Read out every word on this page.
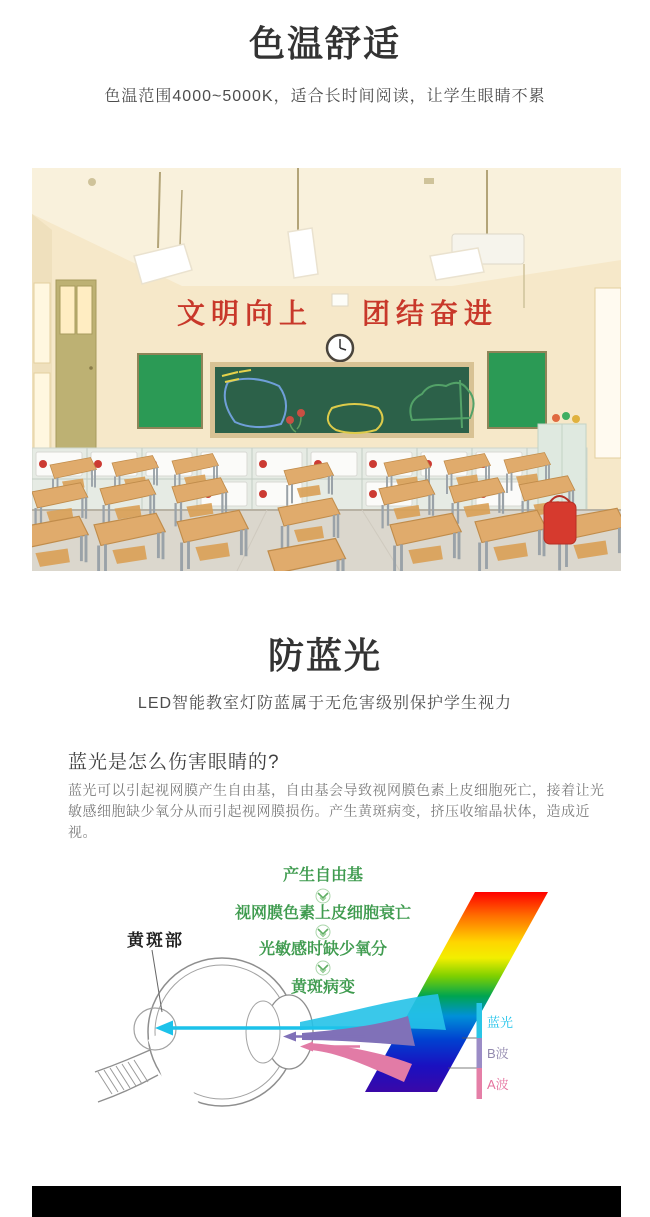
色温舒适
色温范围4000~5000K，适合长时间阅读，让学生眼睛不累
文明向上 团结奋进
防蓝光
LED智能教室灯防蓝属于无危害级别保护学生视力
蓝光是怎么伤害眼睛的?
蓝光可以引起视网膜产生自由基，自由基会导致视网膜色素上皮细胞死亡，接着让光敏感细胞缺少氧分从而引起视网膜损伤。产生黄斑病变，挤压收缩晶状体，造成近视。
产生自由基
视网膜色素上皮细胞衰亡
光敏感时缺少氧分
黄斑病变
黄斑部
蓝光
B波
A波
